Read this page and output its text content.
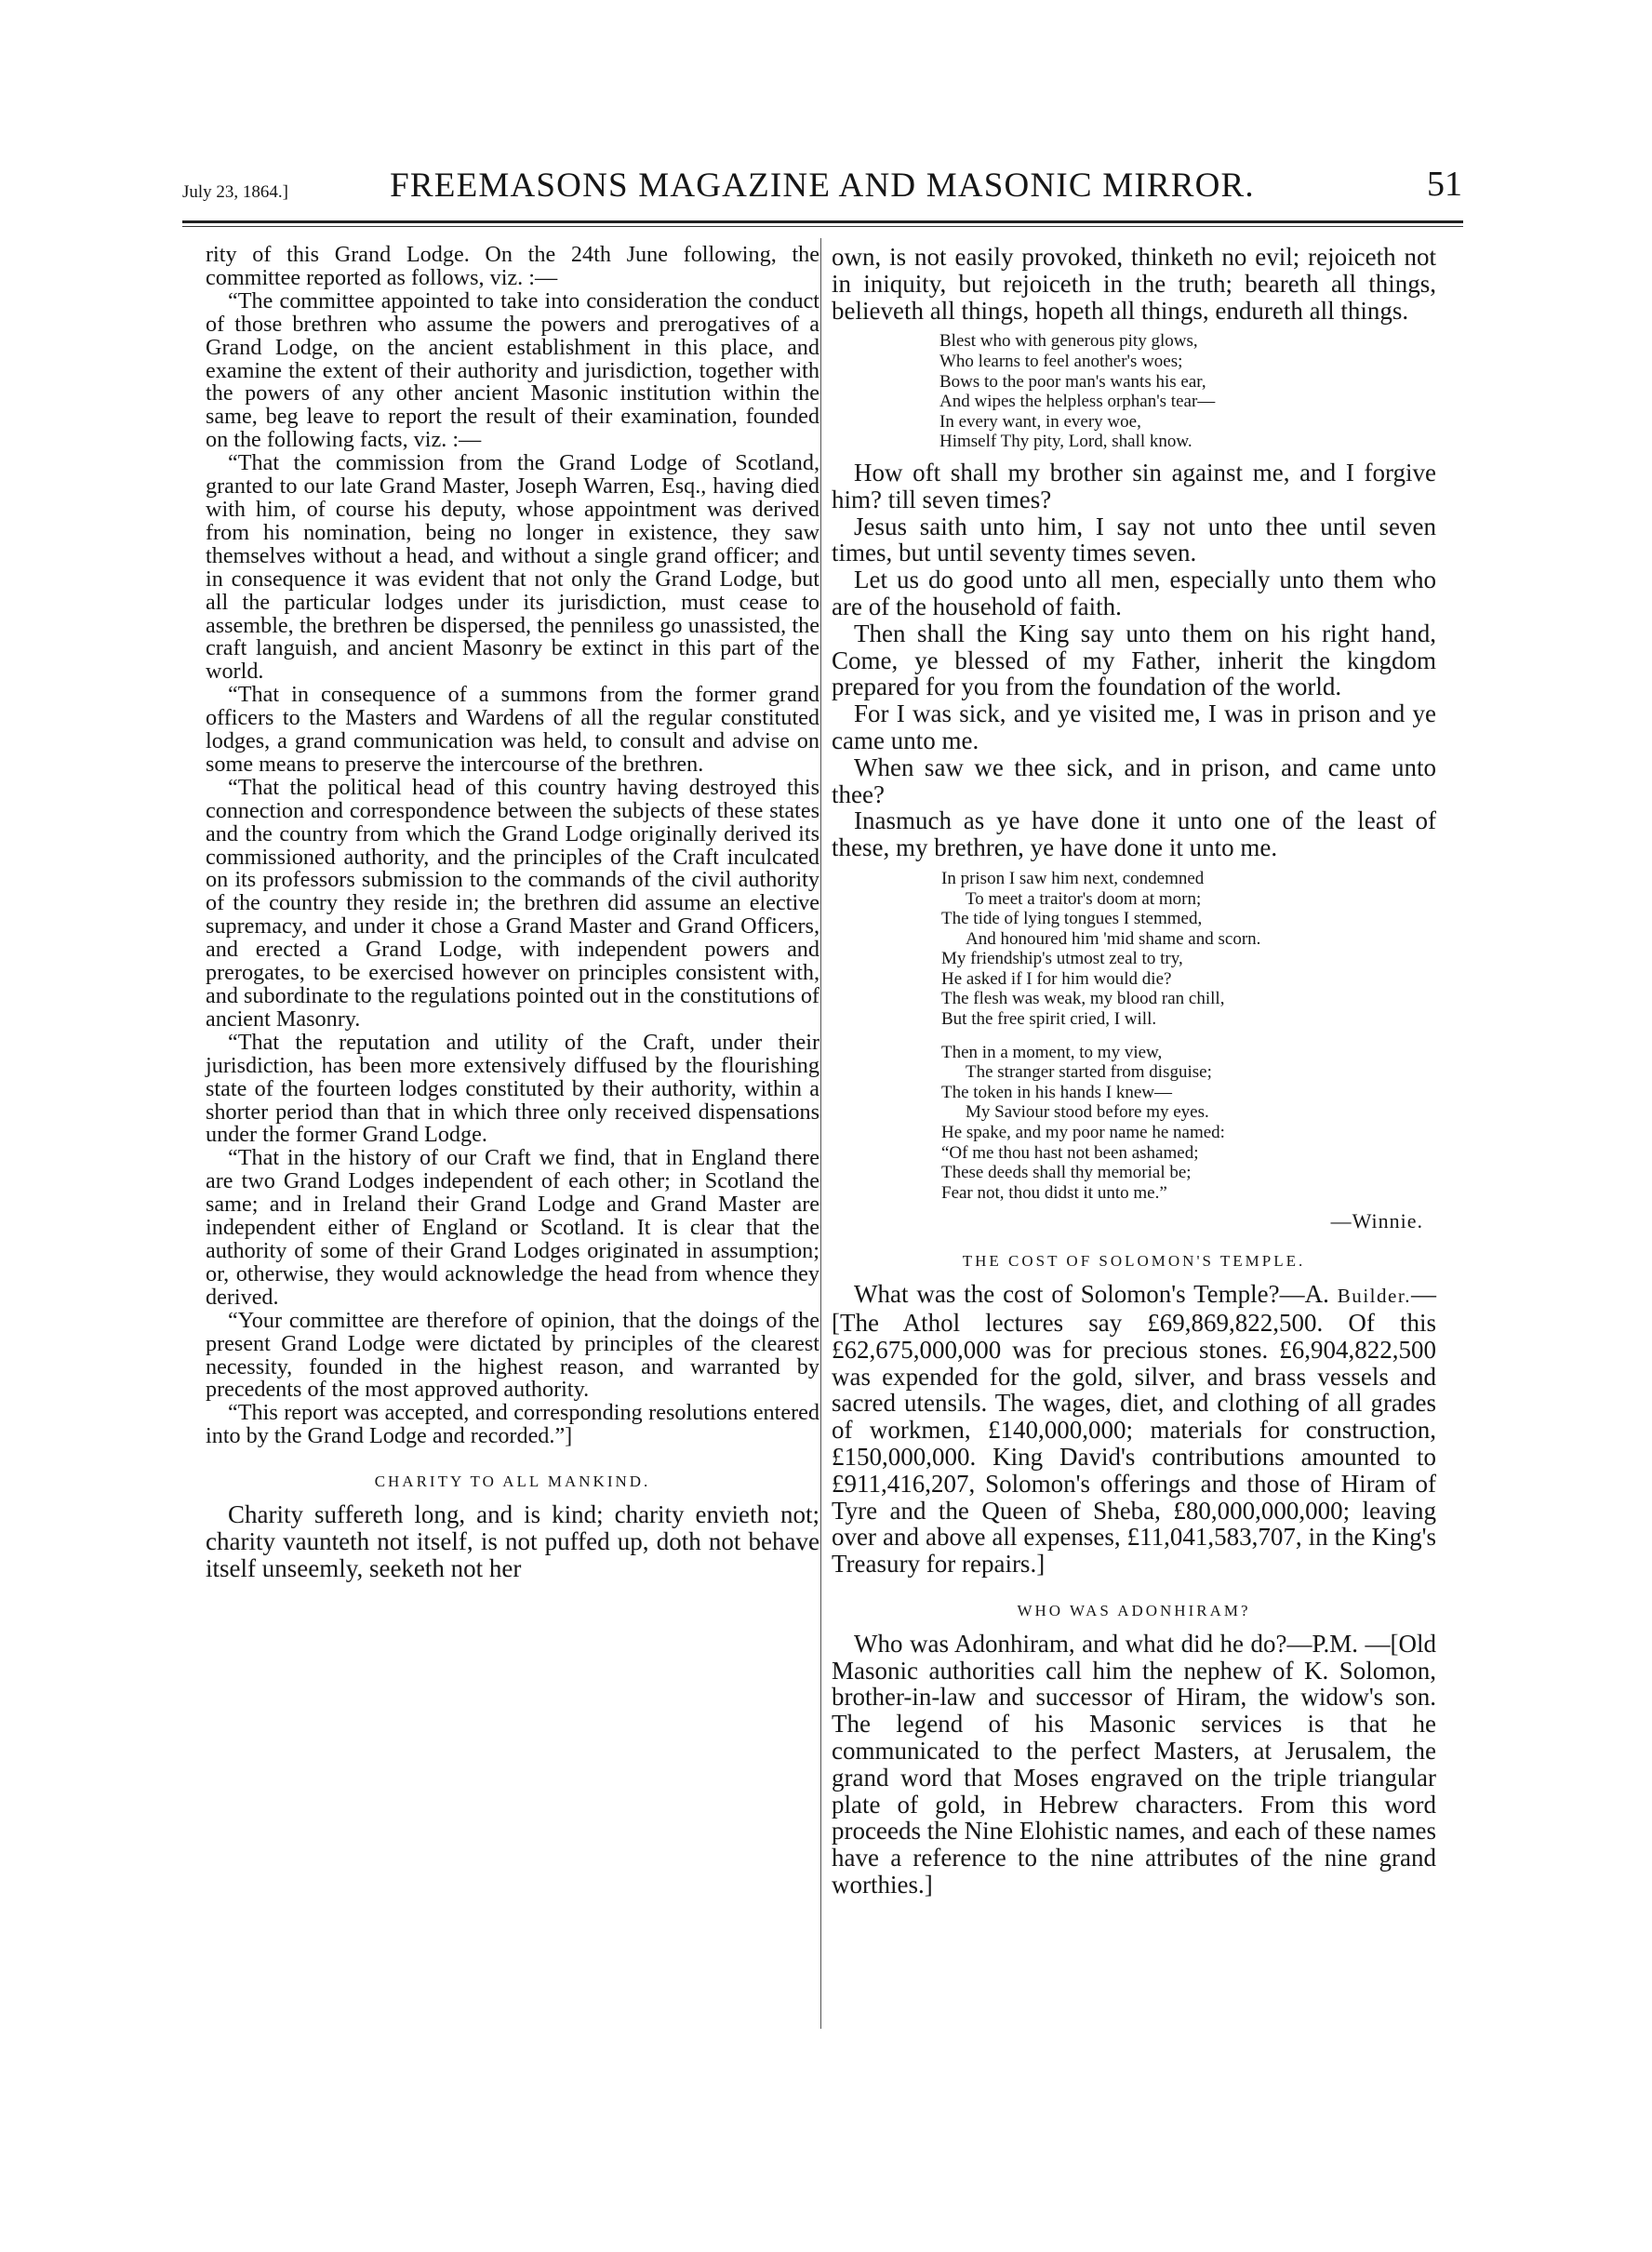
July 23, 1864.]	FREEMASONS MAGAZINE AND MASONIC MIRROR.	51

rity of this Grand Lodge. On the 24th June following, the committee reported as follows, viz. :—

“The committee appointed to take into consideration the conduct of those brethren who assume the powers and prerogatives of a Grand Lodge, on the ancient establishment in this place, and examine the extent of their authority and jurisdiction, together with the powers of any other ancient Masonic institution within the same, beg leave to report the result of their examination, founded on the following facts, viz. :—

“That the commission from the Grand Lodge of Scotland, granted to our late Grand Master, Joseph Warren, Esq., having died with him, of course his deputy, whose appointment was derived from his nomination, being no longer in existence, they saw themselves without a head, and without a single grand officer; and in consequence it was evident that not only the Grand Lodge, but all the particular lodges under its jurisdiction, must cease to assemble, the brethren be dispersed, the penniless go unassisted, the craft languish, and ancient Masonry be extinct in this part of the world.

“That in consequence of a summons from the former grand officers to the Masters and Wardens of all the regular constituted lodges, a grand communication was held, to consult and advise on some means to preserve the intercourse of the brethren.

“That the political head of this country having destroyed this connection and correspondence between the subjects of these states and the country from which the Grand Lodge originally derived its commissioned authority, and the principles of the Craft inculcated on its professors submission to the commands of the civil authority of the country they reside in; the brethren did assume an elective supremacy, and under it chose a Grand Master and Grand Officers, and erected a Grand Lodge, with independent powers and prerogates, to be exercised however on principles consistent with, and subordinate to the regulations pointed out in the constitutions of ancient Masonry.

“That the reputation and utility of the Craft, under their jurisdiction, has been more extensively diffused by the flourishing state of the fourteen lodges constituted by their authority, within a shorter period than that in which three only received dispensations under the former Grand Lodge.

“That in the history of our Craft we find, that in England there are two Grand Lodges independent of each other; in Scotland the same; and in Ireland their Grand Lodge and Grand Master are independent either of England or Scotland. It is clear that the authority of some of their Grand Lodges originated in assumption; or, otherwise, they would acknowledge the head from whence they derived.

“Your committee are therefore of opinion, that the doings of the present Grand Lodge were dictated by principles of the clearest necessity, founded in the highest reason, and warranted by precedents of the most approved authority.

“This report was accepted, and corresponding resolutions entered into by the Grand Lodge and recorded.”]

CHARITY TO ALL MANKIND.

Charity suffereth long, and is kind; charity envieth not; charity vaunteth not itself, is not puffed up, doth not behave itself unseemly, seeketh not her

own, is not easily provoked, thinketh no evil; rejoiceth not in iniquity, but rejoiceth in the truth; beareth all things, believeth all things, hopeth all things, endureth all things.

Blest who with generous pity glows,
Who learns to feel another's woes;
Bows to the poor man's wants his ear,
And wipes the helpless orphan's tear—
In every want, in every woe,
Himself Thy pity, Lord, shall know.

How oft shall my brother sin against me, and I forgive him? till seven times?

Jesus saith unto him, I say not unto thee until seven times, but until seventy times seven.

Let us do good unto all men, especially unto them who are of the household of faith.

Then shall the King say unto them on his right hand, Come, ye blessed of my Father, inherit the kingdom prepared for you from the foundation of the world.

For I was sick, and ye visited me, I was in prison and ye came unto me.

When saw we thee sick, and in prison, and came unto thee?

Inasmuch as ye have done it unto one of the least of these, my brethren, ye have done it unto me.

In prison I saw him next, condemned
To meet a traitor's doom at morn;
The tide of lying tongues I stemmed,
And honoured him 'mid shame and scorn.
My friendship's utmost zeal to try,
He asked if I for him would die?
The flesh was weak, my blood ran chill,
But the free spirit cried, I will.
Then in a moment, to my view,
The stranger started from disguise;
The token in his hands I knew—
My Saviour stood before my eyes.
He spake, and my poor name he named:
“Of me thou hast not been ashamed;
These deeds shall thy memorial be;
Fear not, thou didst it unto me.”
—Winnie.
THE COST OF SOLOMON'S TEMPLE.

What was the cost of Solomon's Temple?—A. Builder.—[The Athol lectures say £69,869,822,500. Of this £62,675,000,000 was for precious stones. £6,904,822,500 was expended for the gold, silver, and brass vessels and sacred utensils. The wages, diet, and clothing of all grades of workmen, £140,000,000; materials for construction, £150,000,000. King David's contributions amounted to £911,416,207, Solomon's offerings and those of Hiram of Tyre and the Queen of Sheba, £80,000,000,000; leaving over and above all expenses, £11,041,583,707, in the King's Treasury for repairs.]

WHO WAS ADONHIRAM?

Who was Adonhiram, and what did he do?—P.M. —[Old Masonic authorities call him the nephew of K. Solomon, brother-in-law and successor of Hiram, the widow's son. The legend of his Masonic services is that he communicated to the perfect Masters, at Jerusalem, the grand word that Moses engraved on the triple triangular plate of gold, in Hebrew characters. From this word proceeds the Nine Elohistic names, and each of these names have a reference to the nine attributes of the nine grand worthies.]
